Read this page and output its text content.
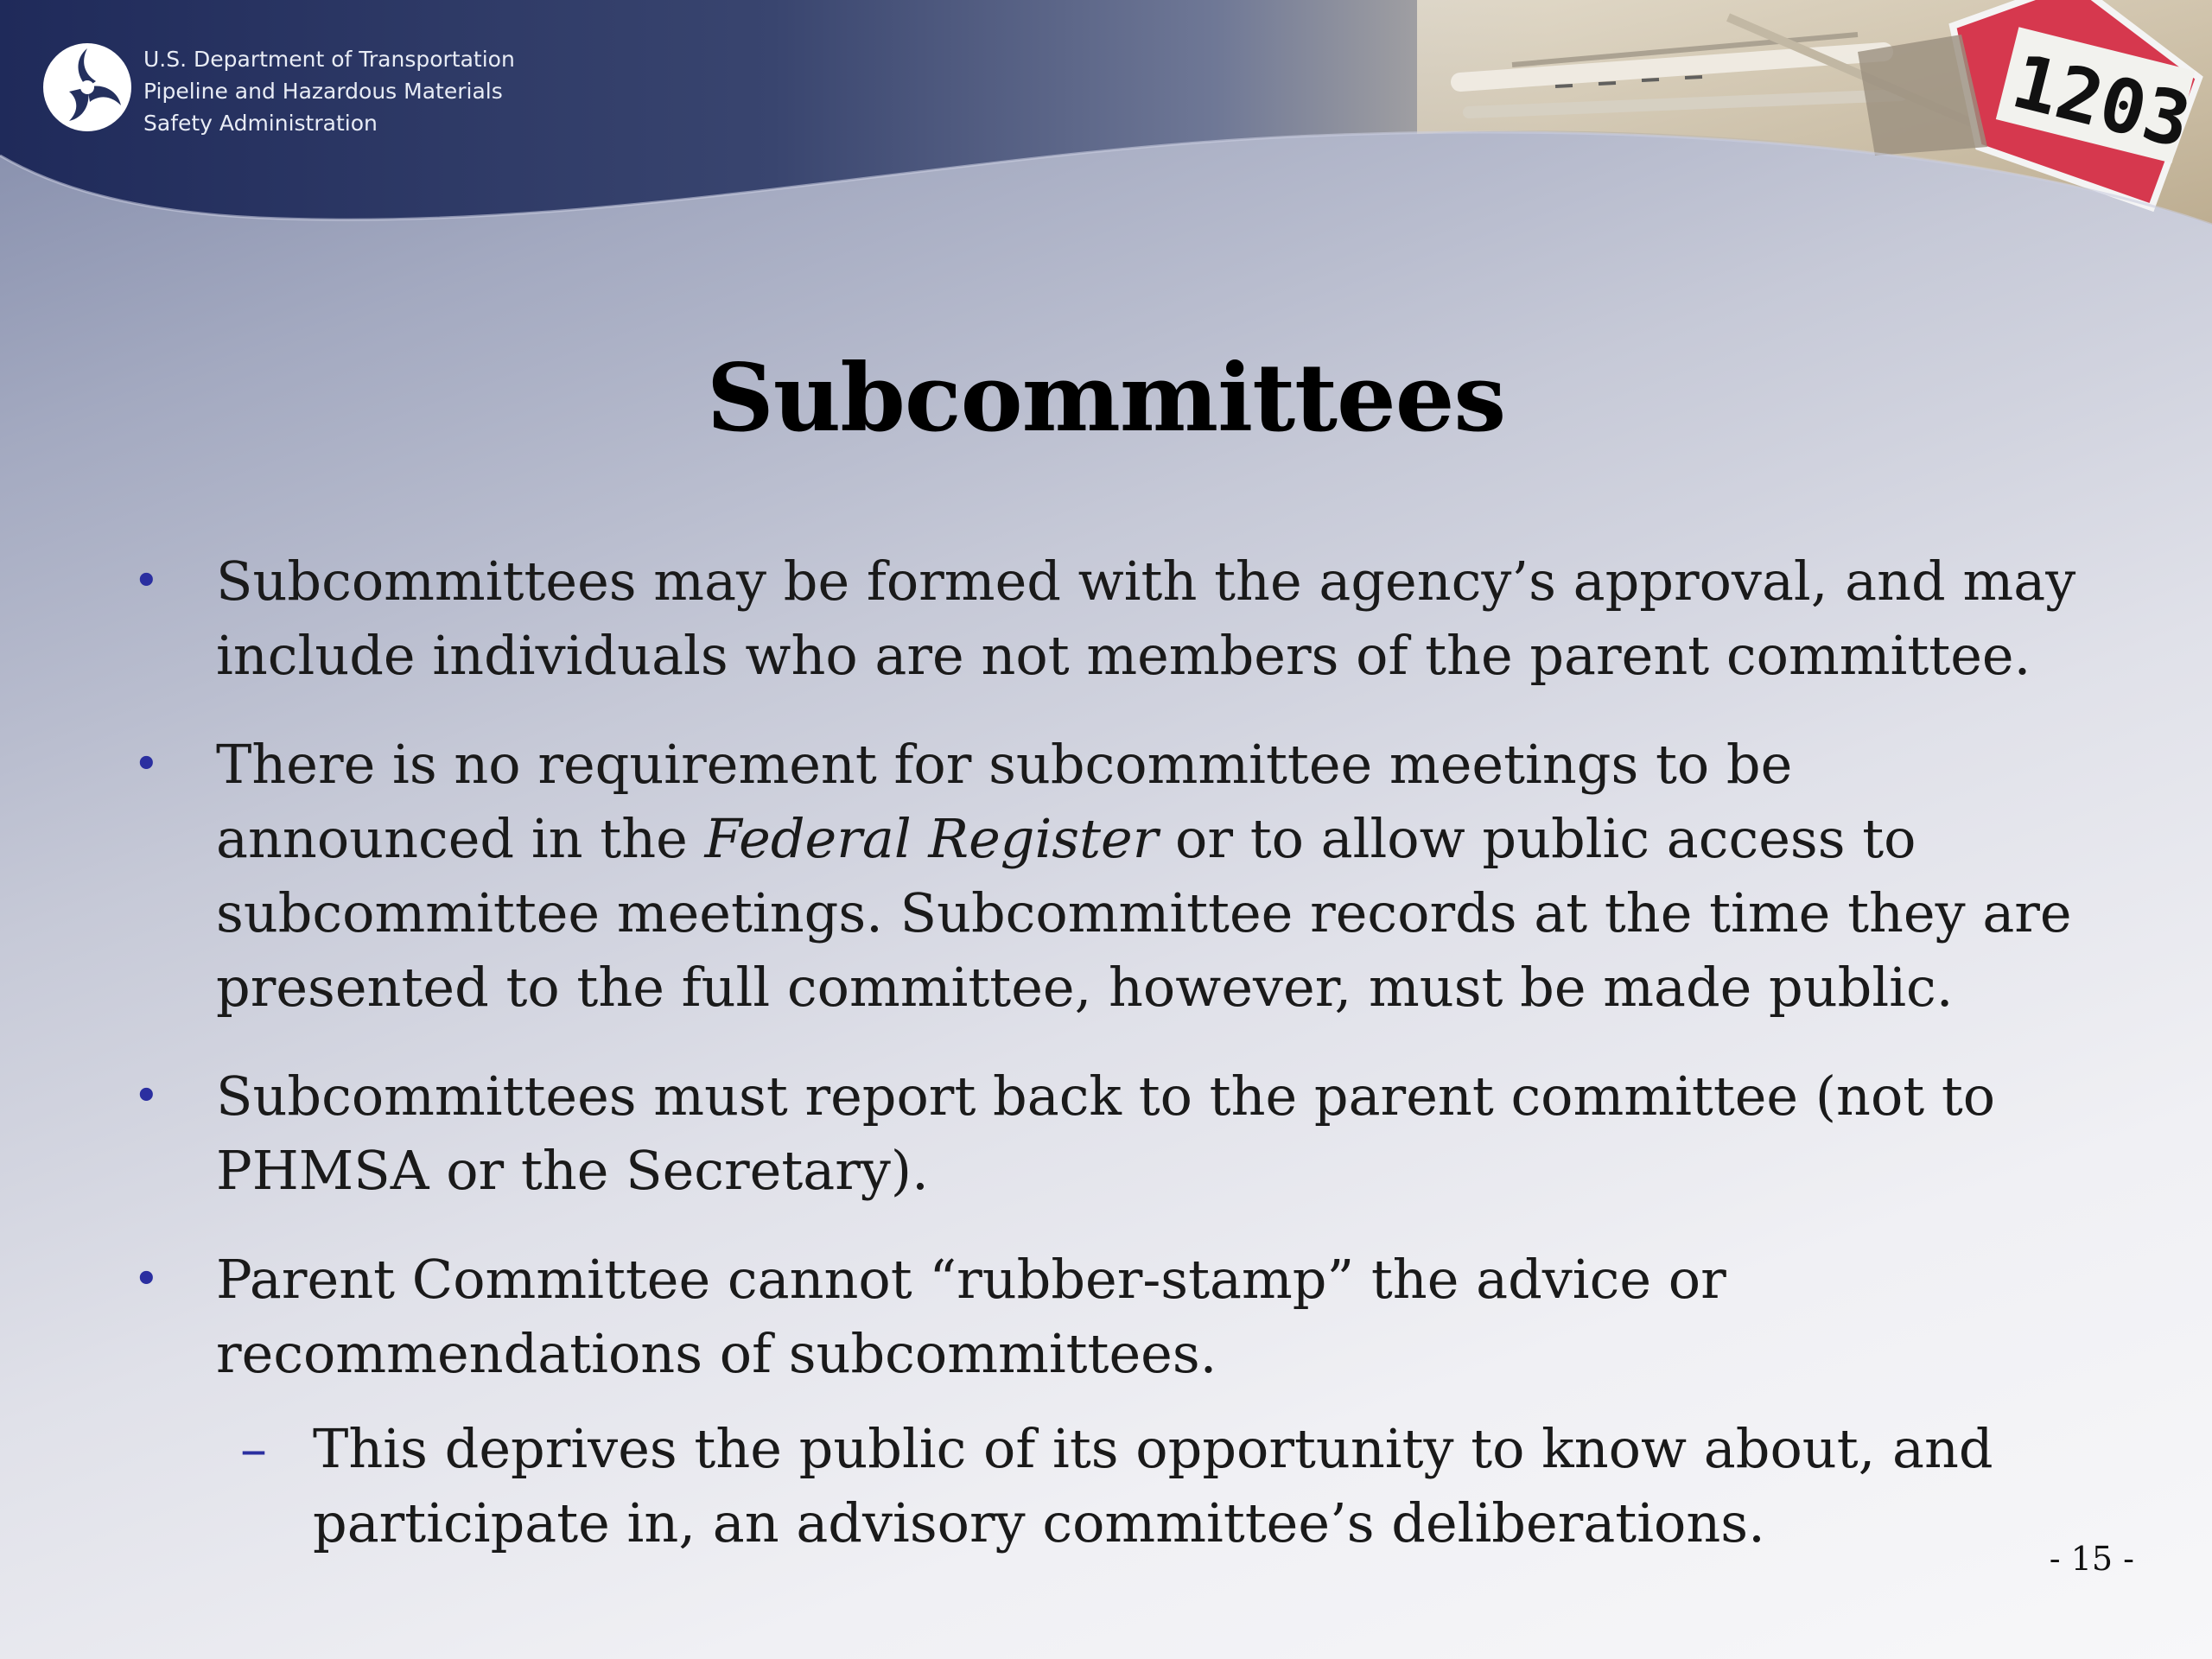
1203
U.S. Department of Transportation
Pipeline and Hazardous Materials
Safety Administration
Subcommittees
• Subcommittees may be formed with the agency’s approval, and may include individuals who are not members of the parent committee.
• There is no requirement for subcommittee meetings to be announced in the Federal Register or to allow public access to subcommittee meetings. Subcommittee records at the time they are presented to the full committee, however, must be made public.
• Subcommittees must report back to the parent committee (not to PHMSA or the Secretary).
• Parent Committee cannot “rubber-stamp” the advice or recommendations of subcommittees.
– This deprives the public of its opportunity to know about, and participate in, an advisory committee’s deliberations.
- 15 -
